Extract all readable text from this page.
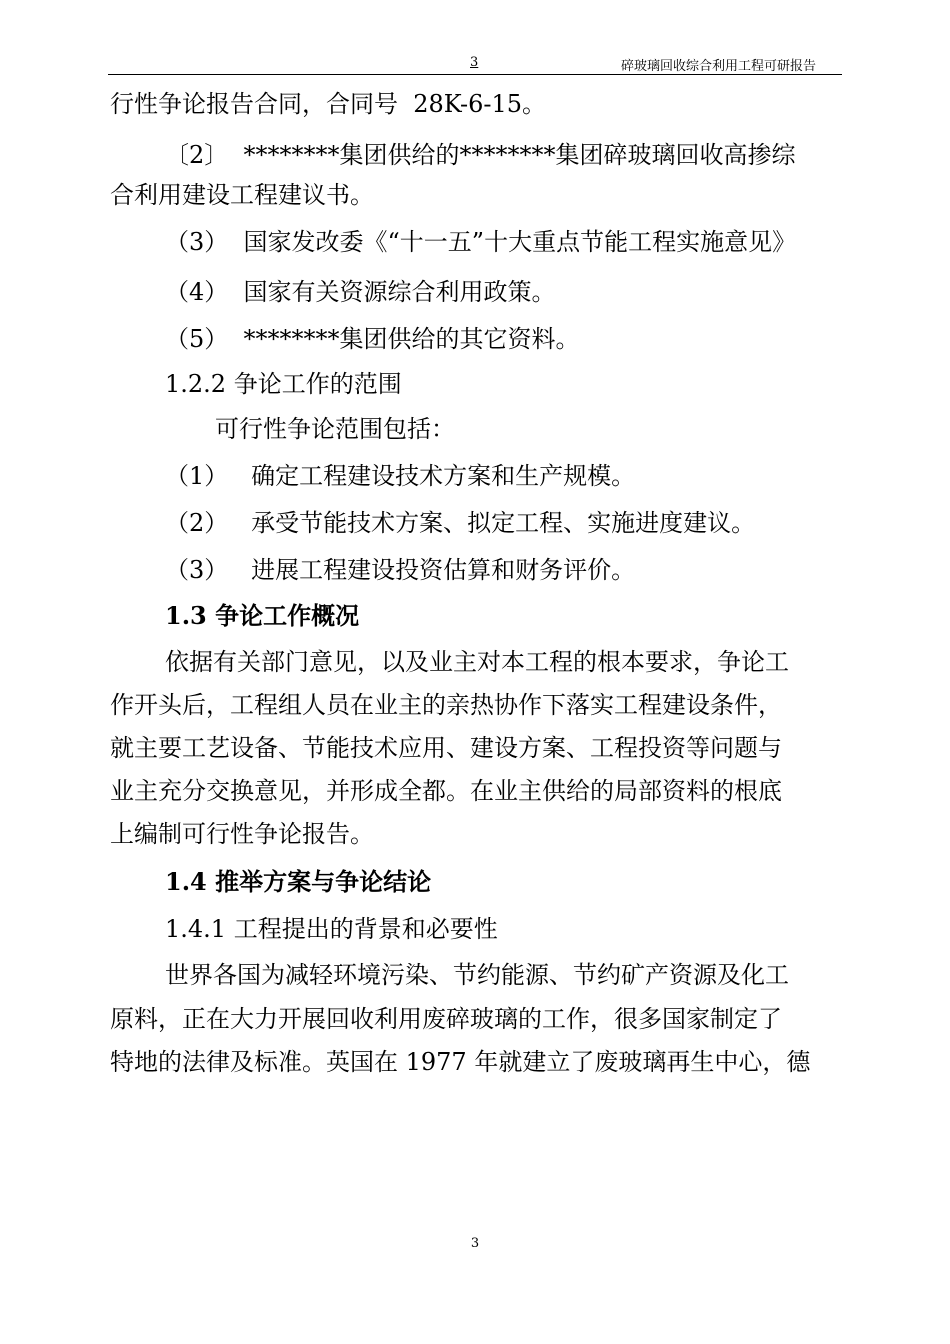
3	碎玻璃回收综合利用工程可研报告
行性争论报告合同，合同号  28K-6-15。
〔2〕  ********集团供给的********集团碎玻璃回收高掺综
合利用建设工程建议书。
（3）  国家发改委《“十一五”十大重点节能工程实施意见》
（4）  国家有关资源综合利用政策。
（5）  ********集团供给的其它资料。
1.2.2 争论工作的范围
可行性争论范围包括：
（1）   确定工程建设技术方案和生产规模。
（2）   承受节能技术方案、拟定工程、实施进度建议。
（3）   进展工程建设投资估算和财务评价。
1.3 争论工作概况
依据有关部门意见，以及业主对本工程的根本要求，争论工
作开头后，工程组人员在业主的亲热协作下落实工程建设条件，
就主要工艺设备、节能技术应用、建设方案、工程投资等问题与
业主充分交换意见，并形成全都。在业主供给的局部资料的根底
上编制可行性争论报告。
1.4 推举方案与争论结论
1.4.1 工程提出的背景和必要性
世界各国为减轻环境污染、节约能源、节约矿产资源及化工
原料，正在大力开展回收利用废碎玻璃的工作，很多国家制定了
特地的法律及标准。英国在 1977 年就建立了废玻璃再生中心，德
3
